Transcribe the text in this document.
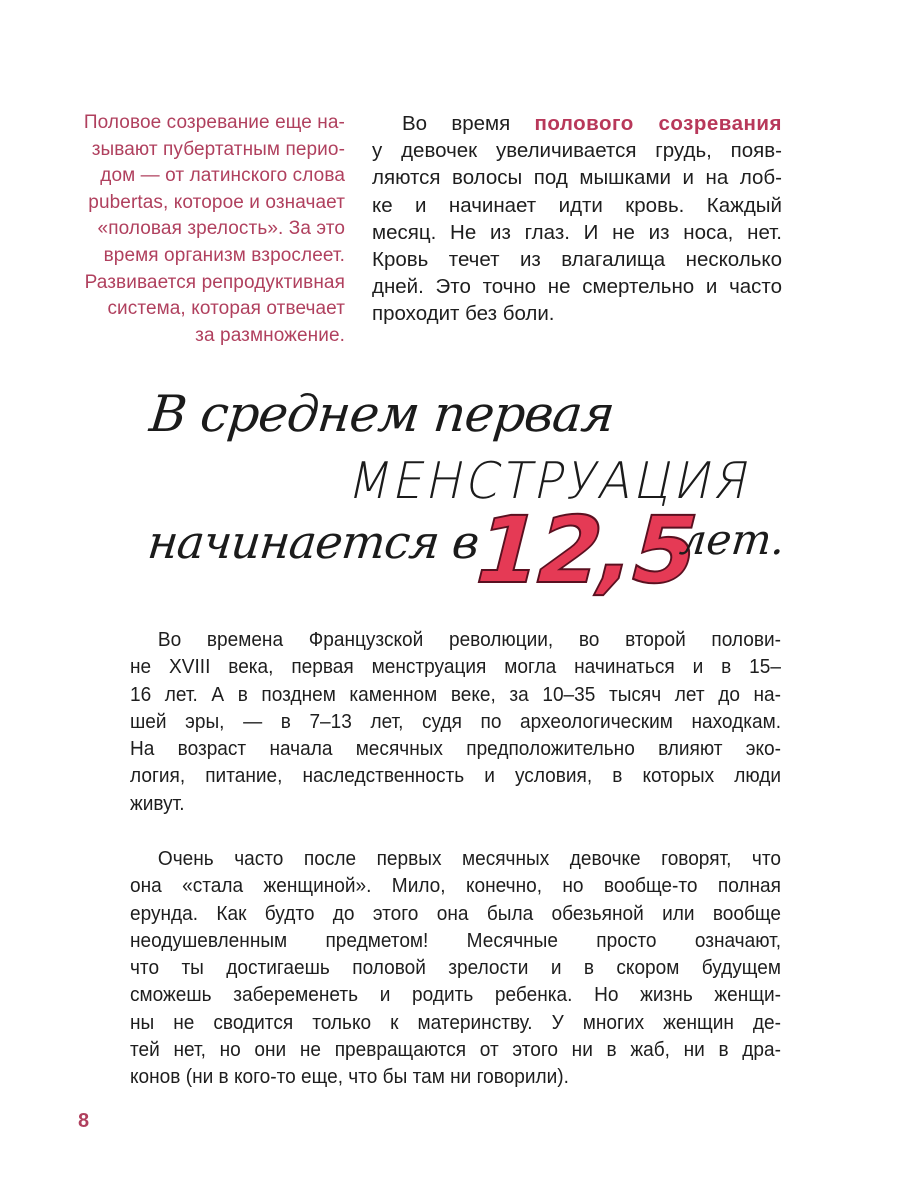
Половое созревание еще на-
зывают пубертатным перио-
дом — от латинского слова
pubertas, которое и означает
«половая зрелость». За это
время организм взрослеет.
Развивается репродуктивная
система, которая отвечает
за размножение.
Во время полового созревания
у девочек увеличивается грудь, появ-
ляются волосы под мышками и на лоб-
ке и начинает идти кровь. Каждый
месяц. Не из глаз. И не из носа, нет.
Кровь течет из влагалища несколько
дней. Это точно не смертельно и часто
проходит без боли.
В среднем первая
МЕНСТРУАЦИЯ
начинается в
12,5
лет.
Во времена Французской революции, во второй полови-
не XVIII века, первая менструация могла начинаться и в 15–
16 лет. А в позднем каменном веке, за 10–35 тысяч лет до на-
шей эры, — в 7–13 лет, судя по археологическим находкам.
На возраст начала месячных предположительно влияют эко-
логия, питание, наследственность и условия, в которых люди
живут.
Очень часто после первых месячных девочке говорят, что
она «стала женщиной». Мило, конечно, но вообще-то полная
ерунда. Как будто до этого она была обезьяной или вообще
неодушевленным предметом! Месячные просто означают,
что ты достигаешь половой зрелости и в скором будущем
сможешь забеременеть и родить ребенка. Но жизнь женщи-
ны не сводится только к материнству. У многих женщин де-
тей нет, но они не превращаются от этого ни в жаб, ни в дра-
конов (ни в кого-то еще, что бы там ни говорили).
8
